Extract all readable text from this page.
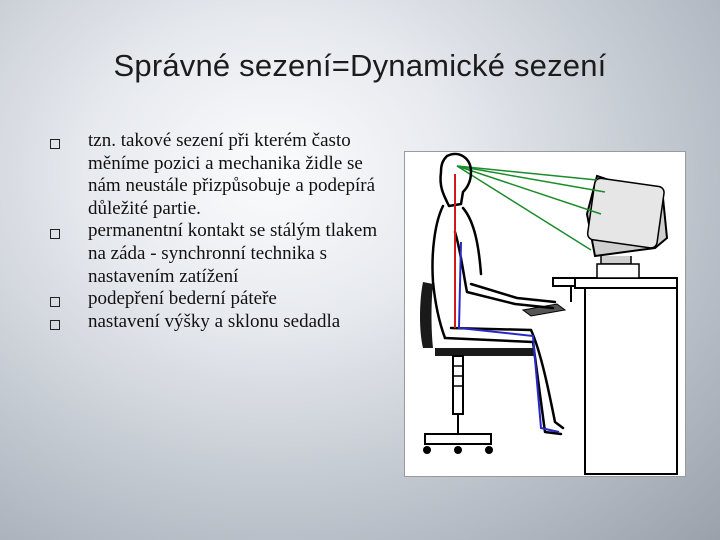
Správné sezení=Dynamické sezení
tzn. takové sezení při kterém často měníme pozici a mechanika židle se nám neustále přizpůsobuje a podepírá důležité partie.
permanentní kontakt se stálým tlakem na záda - synchronní technika s nastavením zatížení
podepření bederní páteře
nastavení výšky a sklonu sedadla
